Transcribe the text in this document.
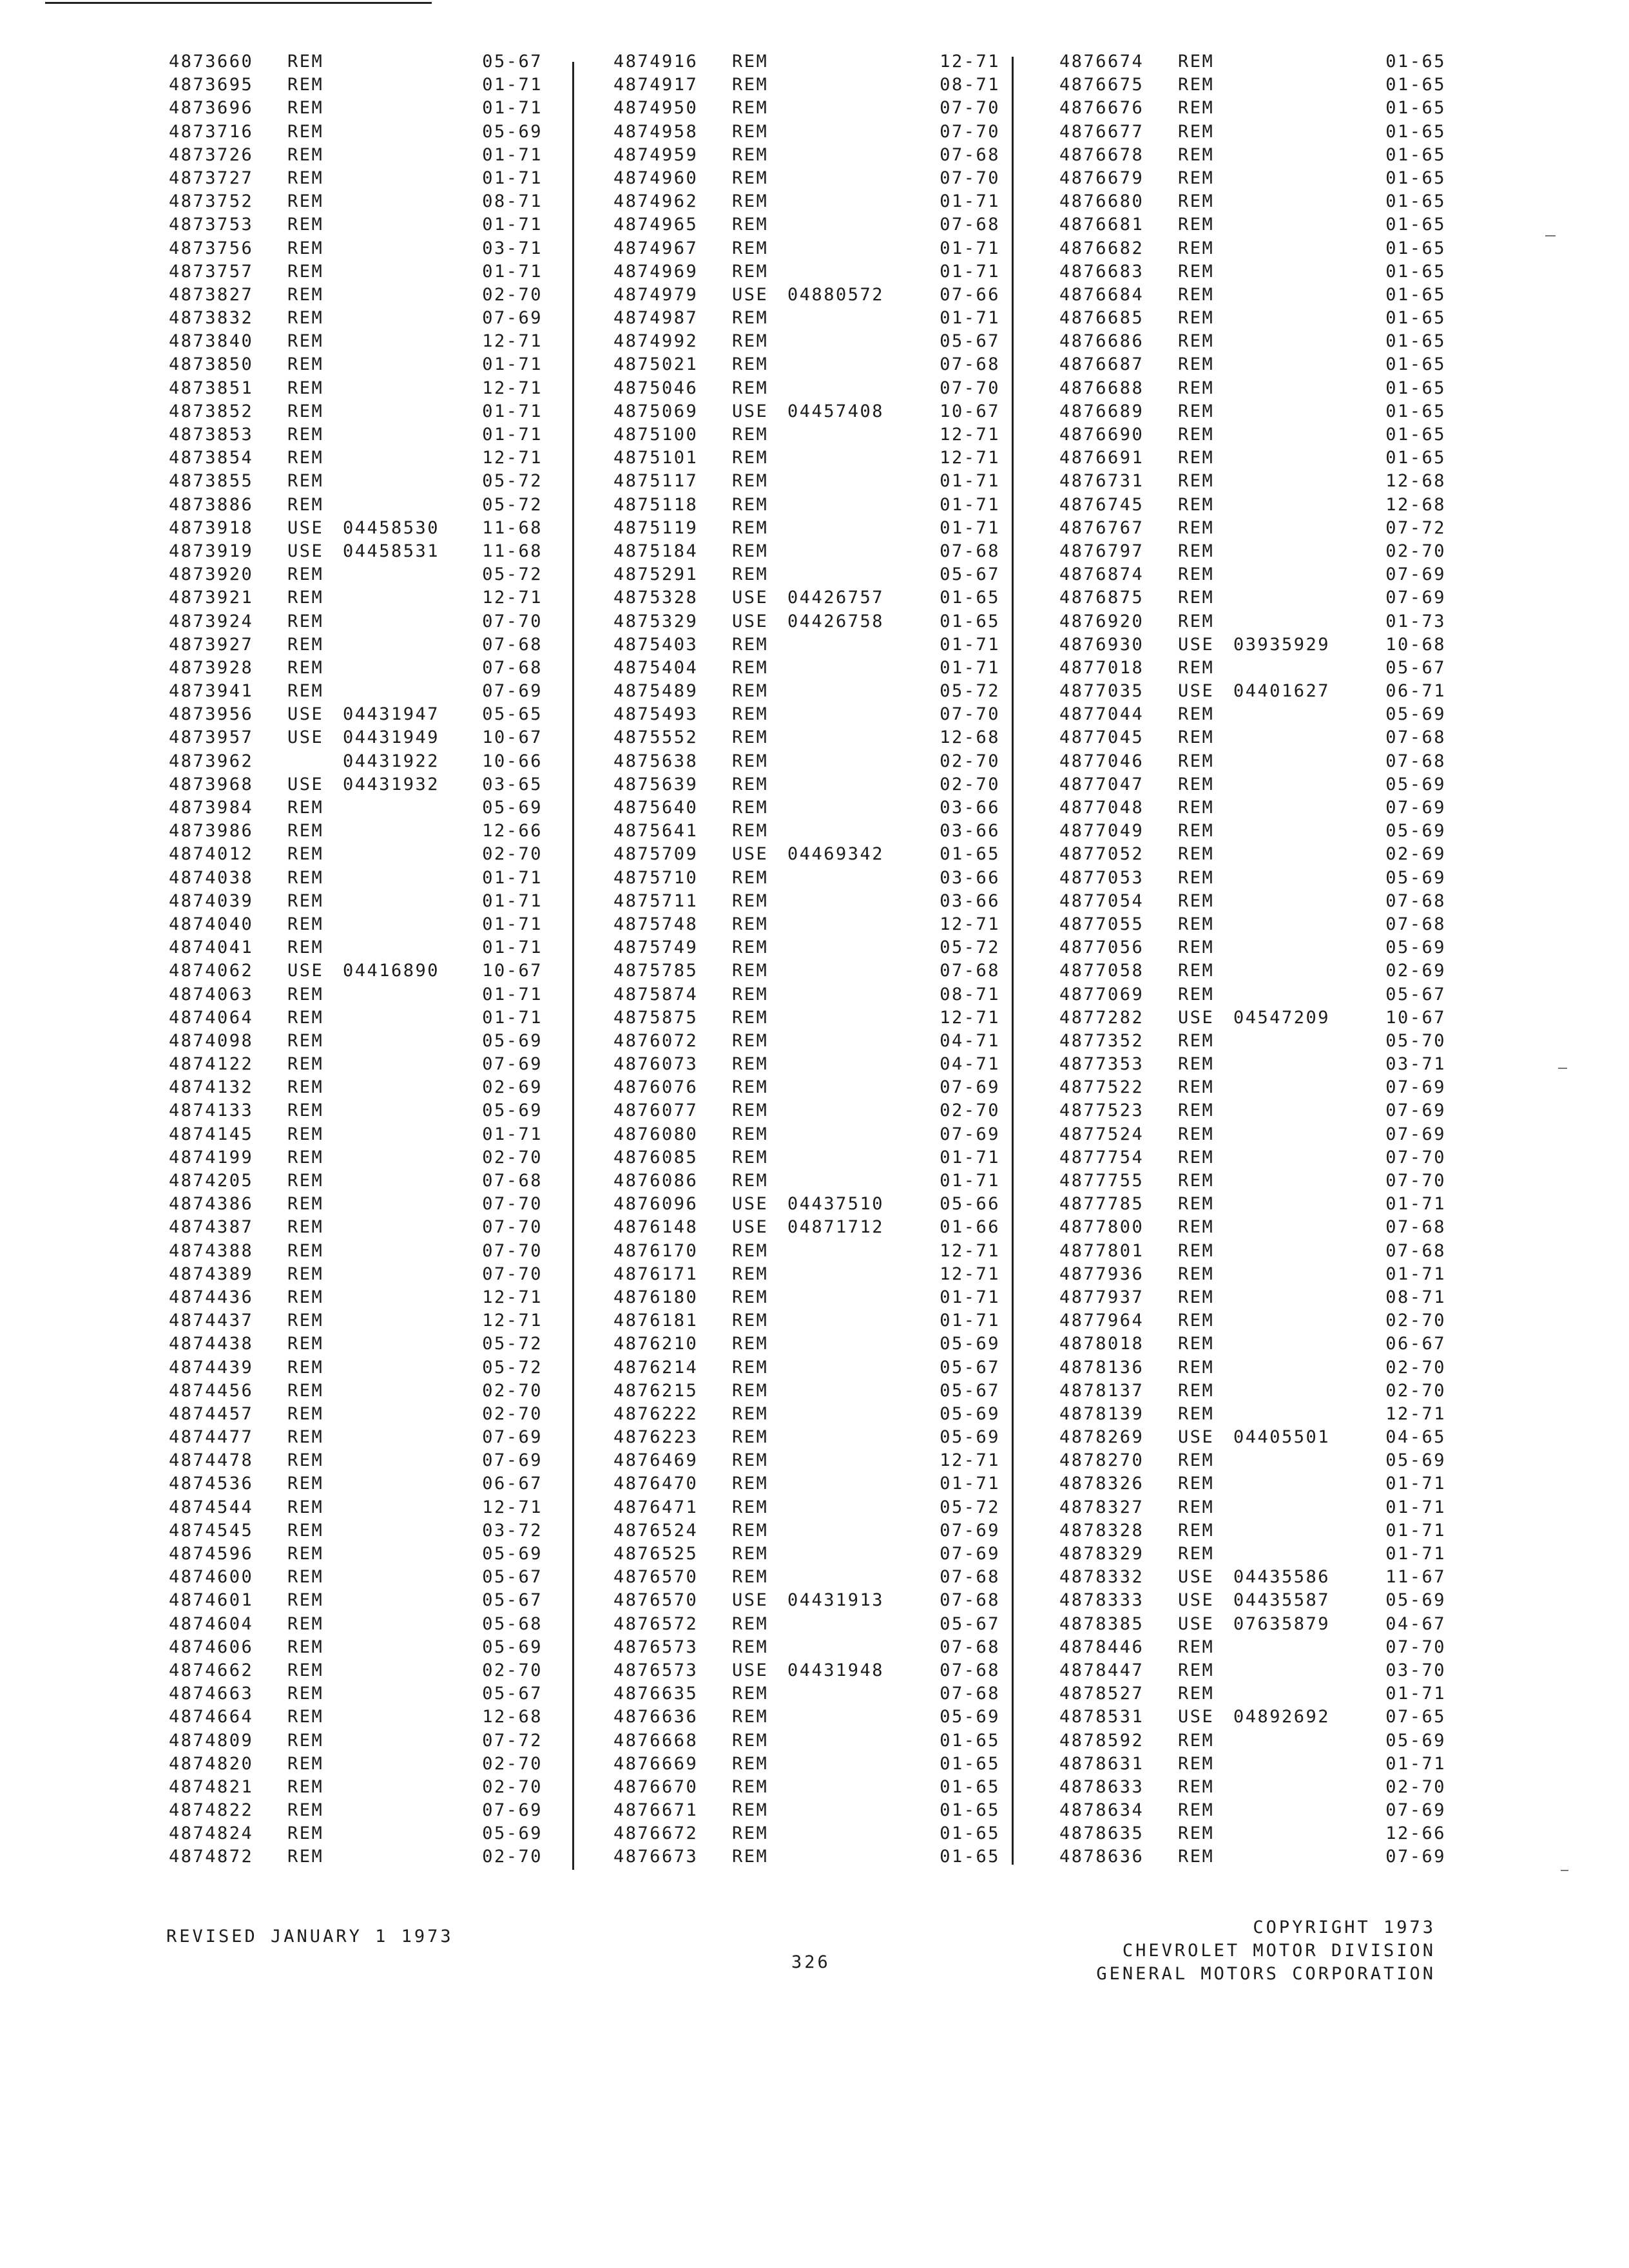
4873660 REM	05-67
4873695 REM	01-71
4873696 REM	01-71
4873716 REM	05-69
4873726 REM	01-71
4873727 REM	01-71
4873752 REM	08-71
4873753 REM	01-71
4873756 REM	03-71
4873757 REM	01-71
4873827 REM	02-70
4873832 REM	07-69
4873840 REM	12-71
4873850 REM	01-71
4873851 REM	12-71
4873852 REM	01-71
4873853 REM	01-71
4873854 REM	12-71
4873855 REM	05-72
4873886 REM	05-72
4873918 USE 04458530 11-68
4873919 USE 04458531 11-68
4873920 REM	05-72
4873921 REM	12-71
4873924 REM	07-70
4873927 REM	07-68
4873928 REM	07-68
4873941 REM	07-69
4873956 USE 04431947 05-65
4873957 USE 04431949 10-67
4873962	04431922 10-66
4873968 USE 04431932 03-65
4873984 REM	05-69
4873986 REM	12-66
4874012 REM	02-70
4874038 REM	01-71
4874039 REM	01-71
4874040 REM	01-71
4874041 REM	01-71
4874062 USE 04416890 10-67
4874063 REM	01-71
4874064 REM	01-71
4874098 REM	05-69
4874122 REM	07-69
4874132 REM	02-69
4874133 REM	05-69
4874145 REM	01-71
4874199 REM	02-70
4874205 REM	07-68
4874386 REM	07-70
4874387 REM	07-70
4874388 REM	07-70
4874389 REM	07-70
4874436 REM	12-71
4874437 REM	12-71
4874438 REM	05-72
4874439 REM	05-72
4874456 REM	02-70
4874457 REM	02-70
4874477 REM	07-69
4874478 REM	07-69
4874536 REM	06-67
4874544 REM	12-71
4874545 REM	03-72
4874596 REM	05-69
4874600 REM	05-67
4874601 REM	05-67
4874604 REM	05-68
4874606 REM	05-69
4874662 REM	02-70
4874663 REM	05-67
4874664 REM	12-68
4874809 REM	07-72
4874820 REM	02-70
4874821 REM	02-70
4874822 REM	07-69
4874824 REM	05-69
4874872 REM	02-70
4874916 REM	12-71
4874917 REM	08-71
4874950 REM	07-70
4874958 REM	07-70
4874959 REM	07-68
4874960 REM	07-70
4874962 REM	01-71
4874965 REM	07-68
4874967 REM	01-71
4874969 REM	01-71
4874979 USE 04880572	07-66
4874987 REM	01-71
4874992 REM	05-67
4875021 REM	07-68
4875046 REM	07-70
4875069 USE 04457408	10-67
4875100 REM	12-71
4875101 REM	12-71
4875117 REM	01-71
4875118 REM	01-71
4875119 REM	01-71
4875184 REM	07-68
4875291 REM	05-67
4875328 USE 04426757	01-65
4875329 USE 04426758	01-65
4875403 REM	01-71
4875404 REM	01-71
4875489 REM	05-72
4875493 REM	07-70
4875552 REM	12-68
4875638 REM	02-70
4875639 REM	02-70
4875640 REM	03-66
4875641 REM	03-66
4875709 USE 04469342	01-65
4875710 REM	03-66
4875711 REM	03-66
4875748 REM	12-71
4875749 REM	05-72
4875785 REM	07-68
4875874 REM	08-71
4875875 REM	12-71
4876072 REM	04-71
4876073 REM	04-71
4876076 REM	07-69
4876077 REM	02-70
4876080 REM	07-69
4876085 REM	01-71
4876086 REM	01-71
4876096 USE 04437510	05-66
4876148 USE 04871712	01-66
4876170 REM	12-71
4876171 REM	12-71
4876180 REM	01-71
4876181 REM	01-71
4876210 REM	05-69
4876214 REM	05-67
4876215 REM	05-67
4876222 REM	05-69
4876223 REM	05-69
4876469 REM	12-71
4876470 REM	01-71
4876471 REM	05-72
4876524 REM	07-69
4876525 REM	07-69
4876570 REM	07-68
4876570 USE 04431913	07-68
4876572 REM	05-67
4876573 REM	07-68
4876573 USE 04431948	07-68
4876635 REM	07-68
4876636 REM	05-69
4876668 REM	01-65
4876669 REM	01-65
4876670 REM	01-65
4876671 REM	01-65
4876672 REM	01-65
4876673 REM	01-65
4876674 REM	01-65
4876675 REM	01-65
4876676 REM	01-65
4876677 REM	01-65
4876678 REM	01-65
4876679 REM	01-65
4876680 REM	01-65
4876681 REM	01-65
4876682 REM	01-65
4876683 REM	01-65
4876684 REM	01-65
4876685 REM	01-65
4876686 REM	01-65
4876687 REM	01-65
4876688 REM	01-65
4876689 REM	01-65
4876690 REM	01-65
4876691 REM	01-65
4876731 REM	12-68
4876745 REM	12-68
4876767 REM	07-72
4876797 REM	02-70
4876874 REM	07-69
4876875 REM	07-69
4876920 REM	01-73
4876930 USE 03935929	10-68
4877018 REM	05-67
4877035 USE 04401627	06-71
4877044 REM	05-69
4877045 REM	07-68
4877046 REM	07-68
4877047 REM	05-69
4877048 REM	07-69
4877049 REM	05-69
4877052 REM	02-69
4877053 REM	05-69
4877054 REM	07-68
4877055 REM	07-68
4877056 REM	05-69
4877058 REM	02-69
4877069 REM	05-67
4877282 USE 04547209	10-67
4877352 REM	05-70
4877353 REM	03-71
4877522 REM	07-69
4877523 REM	07-69
4877524 REM	07-69
4877754 REM	07-70
4877755 REM	07-70
4877785 REM	01-71
4877800 REM	07-68
4877801 REM	07-68
4877936 REM	01-71
4877937 REM	08-71
4877964 REM	02-70
4878018 REM	06-67
4878136 REM	02-70
4878137 REM	02-70
4878139 REM	12-71
4878269 USE 04405501	04-65
4878270 REM	05-69
4878326 REM	01-71
4878327 REM	01-71
4878328 REM	01-71
4878329 REM	01-71
4878332 USE 04435586	11-67
4878333 USE 04435587	05-69
4878385 USE 07635879	04-67
4878446 REM	07-70
4878447 REM	03-70
4878527 REM	01-71
4878531 USE 04892692	07-65
4878592 REM	05-69
4878631 REM	01-71
4878633 REM	02-70
4878634 REM	07-69
4878635 REM	12-66
4878636 REM	07-69
REVISED JANUARY 1 1973
326
COPYRIGHT 1973
CHEVROLET MOTOR DIVISION
GENERAL MOTORS CORPORATION
